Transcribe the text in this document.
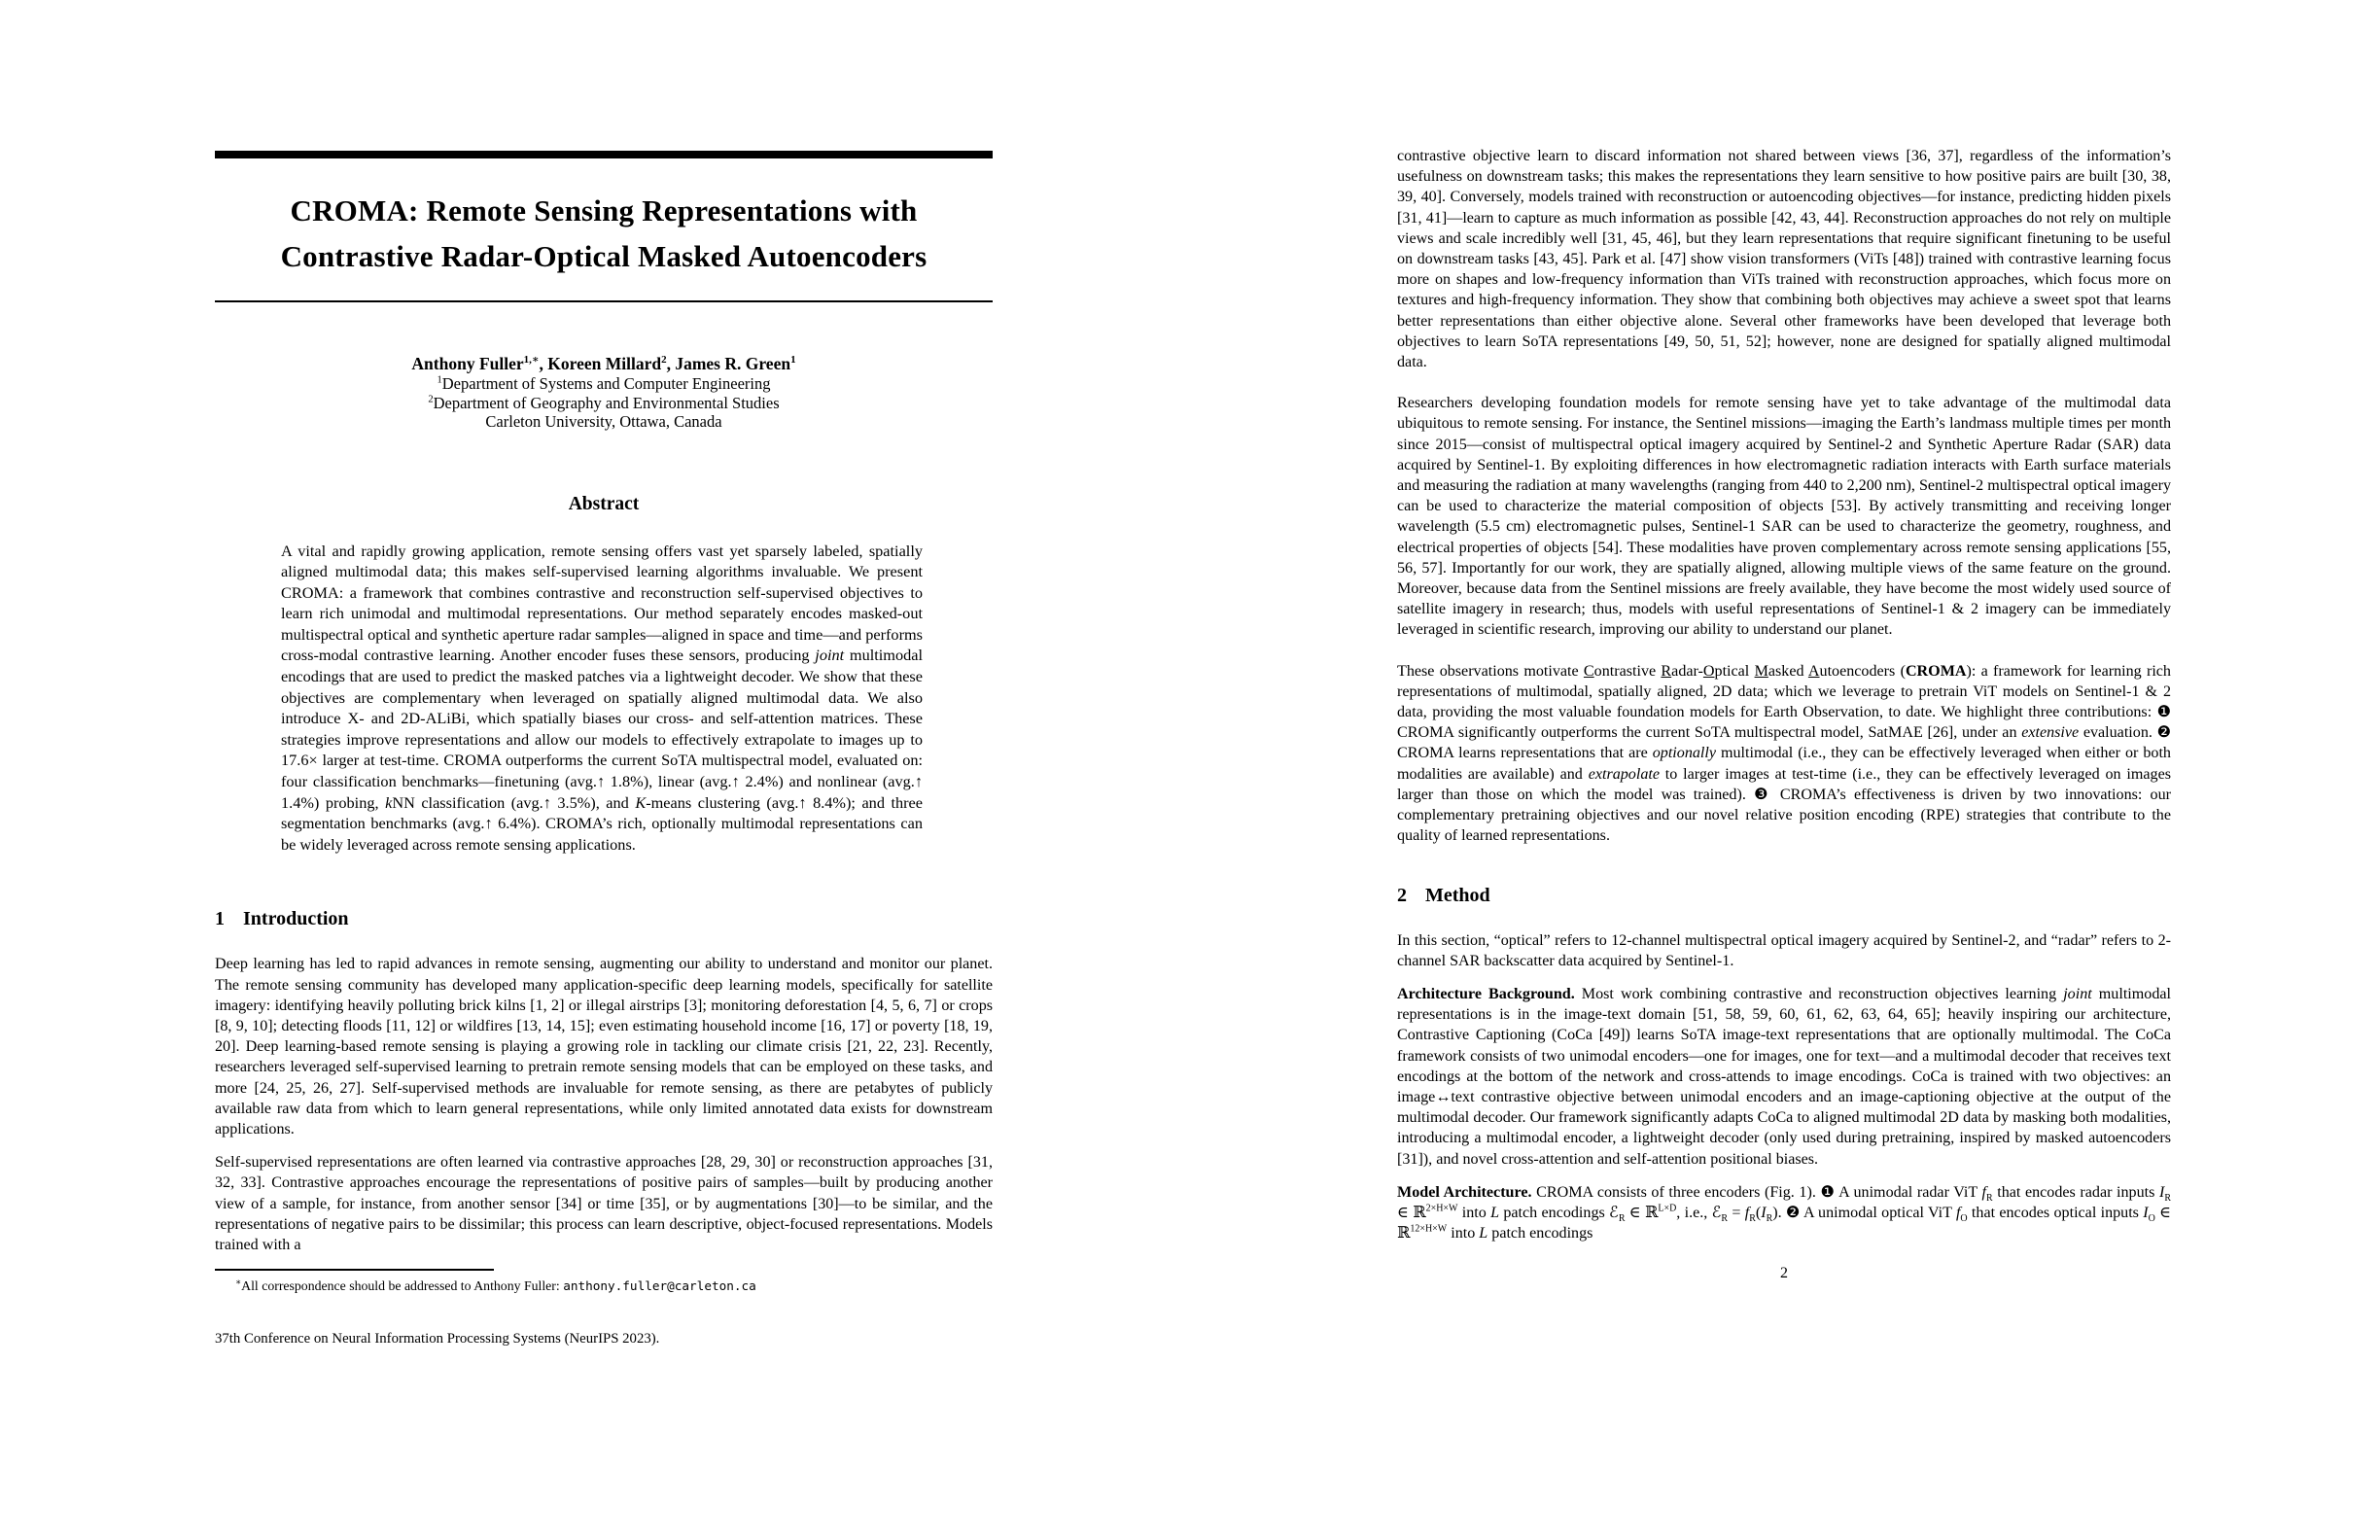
CROMA: Remote Sensing Representations with
Contrastive Radar-Optical Masked Autoencoders
Anthony Fuller$^{1,∗}$, Koreen Millard$^2$, James R. Green$^1$
$^1$Department of Systems and Computer Engineering
$^2$Department of Geography and Environmental Studies
Carleton University, Ottawa, Canada
Abstract

A vital and rapidly growing application, remote sensing offers vast yet sparsely labeled, spatially aligned multimodal data; this makes self-supervised learning algorithms invaluable. We present CROMA: a framework that combines contrastive and reconstruction self-supervised objectives to learn rich unimodal and multimodal representations. Our method separately encodes masked-out multispectral optical and synthetic aperture radar samples—aligned in space and time—and performs cross-modal contrastive learning. Another encoder fuses these sensors, producing joint multimodal encodings that are used to predict the masked patches via a lightweight decoder. We show that these objectives are complementary when leveraged on spatially aligned multimodal data. We also introduce X- and 2D-ALiBi, which spatially biases our cross- and self-attention matrices. These strategies improve representations and allow our models to effectively extrapolate to images up to 17.6× larger at test-time. CROMA outperforms the current SoTA multispectral model, evaluated on: four classification benchmarks—finetuning (avg.↑ 1.8%), linear (avg.↑ 2.4%) and nonlinear (avg.↑ 1.4%) probing, kNN classification (avg.↑ 3.5%), and K-means clustering (avg.↑ 8.4%); and three segmentation benchmarks (avg.↑ 6.4%). CROMA’s rich, optionally multimodal representations can be widely leveraged across remote sensing applications.

1 Introduction

Deep learning has led to rapid advances in remote sensing, augmenting our ability to understand and monitor our planet. The remote sensing community has developed many application-specific deep learning models, specifically for satellite imagery: identifying heavily polluting brick kilns [1, 2] or illegal airstrips [3]; monitoring deforestation [4, 5, 6, 7] or crops [8, 9, 10]; detecting floods [11, 12] or wildfires [13, 14, 15]; even estimating household income [16, 17] or poverty [18, 19, 20]. Deep learning-based remote sensing is playing a growing role in tackling our climate crisis [21, 22, 23]. Recently, researchers leveraged self-supervised learning to pretrain remote sensing models that can be employed on these tasks, and more [24, 25, 26, 27]. Self-supervised methods are invaluable for remote sensing, as there are petabytes of publicly available raw data from which to learn general representations, while only limited annotated data exists for downstream applications.

Self-supervised representations are often learned via contrastive approaches [28, 29, 30] or reconstruction approaches [31, 32, 33]. Contrastive approaches encourage the representations of positive pairs of samples—built by producing another view of a sample, for instance, from another sensor [34] or time [35], or by augmentations [30]—to be similar, and the representations of negative pairs to be dissimilar; this process can learn descriptive, object-focused representations. Models trained with a

∗All correspondence should be addressed to Anthony Fuller: anthony.fuller@carleton.ca

37th Conference on Neural Information Processing Systems (NeurIPS 2023).

contrastive objective learn to discard information not shared between views [36, 37], regardless of the information’s usefulness on downstream tasks; this makes the representations they learn sensitive to how positive pairs are built [30, 38, 39, 40]. Conversely, models trained with reconstruction or autoencoding objectives—for instance, predicting hidden pixels [31, 41]—learn to capture as much information as possible [42, 43, 44]. Reconstruction approaches do not rely on multiple views and scale incredibly well [31, 45, 46], but they learn representations that require significant finetuning to be useful on downstream tasks [43, 45]. Park et al. [47] show vision transformers (ViTs [48]) trained with contrastive learning focus more on shapes and low-frequency information than ViTs trained with reconstruction approaches, which focus more on textures and high-frequency information. They show that combining both objectives may achieve a sweet spot that learns better representations than either objective alone. Several other frameworks have been developed that leverage both objectives to learn SoTA representations [49, 50, 51, 52]; however, none are designed for spatially aligned multimodal data.

Researchers developing foundation models for remote sensing have yet to take advantage of the multimodal data ubiquitous to remote sensing. For instance, the Sentinel missions—imaging the Earth’s landmass multiple times per month since 2015—consist of multispectral optical imagery acquired by Sentinel-2 and Synthetic Aperture Radar (SAR) data acquired by Sentinel-1. By exploiting differences in how electromagnetic radiation interacts with Earth surface materials and measuring the radiation at many wavelengths (ranging from 440 to 2,200 nm), Sentinel-2 multispectral optical imagery can be used to characterize the material composition of objects [53]. By actively transmitting and receiving longer wavelength (5.5 cm) electromagnetic pulses, Sentinel-1 SAR can be used to characterize the geometry, roughness, and electrical properties of objects [54]. These modalities have proven complementary across remote sensing applications [55, 56, 57]. Importantly for our work, they are spatially aligned, allowing multiple views of the same feature on the ground. Moreover, because data from the Sentinel missions are freely available, they have become the most widely used source of satellite imagery in research; thus, models with useful representations of Sentinel-1 & 2 imagery can be immediately leveraged in scientific research, improving our ability to understand our planet.

These observations motivate Contrastive Radar-Optical Masked Autoencoders (CROMA): a framework for learning rich representations of multimodal, spatially aligned, 2D data; which we leverage to pretrain ViT models on Sentinel-1 & 2 data, providing the most valuable foundation models for Earth Observation, to date. We highlight three contributions: ❶ CROMA significantly outperforms the current SoTA multispectral model, SatMAE [26], under an extensive evaluation. ❷ CROMA learns representations that are optionally multimodal (i.e., they can be effectively leveraged when either or both modalities are available) and extrapolate to larger images at test-time (i.e., they can be effectively leveraged on images larger than those on which the model was trained). ❸ CROMA’s effectiveness is driven by two innovations: our complementary pretraining objectives and our novel relative position encoding (RPE) strategies that contribute to the quality of learned representations.

2 Method

In this section, “optical” refers to 12-channel multispectral optical imagery acquired by Sentinel-2, and “radar” refers to 2-channel SAR backscatter data acquired by Sentinel-1.

Architecture Background. Most work combining contrastive and reconstruction objectives learning joint multimodal representations is in the image-text domain [51, 58, 59, 60, 61, 62, 63, 64, 65]; heavily inspiring our architecture, Contrastive Captioning (CoCa [49]) learns SoTA image-text representations that are optionally multimodal. The CoCa framework consists of two unimodal encoders—one for images, one for text—and a multimodal decoder that receives text encodings at the bottom of the network and cross-attends to image encodings. CoCa is trained with two objectives: an image↔text contrastive objective between unimodal encoders and an image-captioning objective at the output of the multimodal decoder. Our framework significantly adapts CoCa to aligned multimodal 2D data by masking both modalities, introducing a multimodal encoder, a lightweight decoder (only used during pretraining, inspired by masked autoencoders [31]), and novel cross-attention and self-attention positional biases.

Model Architecture. CROMA consists of three encoders (Fig. 1). ❶ A unimodal radar ViT $f_R$ that encodes radar inputs $I_R$ ∈ ℝ$^{2\times H\times W}$ into L patch encodings ℰ$_R$ ∈ ℝ$^{L\times D}$, i.e., ℰ$_R$ = $f_R(I_R)$. ❷ A unimodal optical ViT $f_O$ that encodes optical inputs $I_O$ ∈ ℝ$^{12\times H\times W}$ into L patch encodings

2
